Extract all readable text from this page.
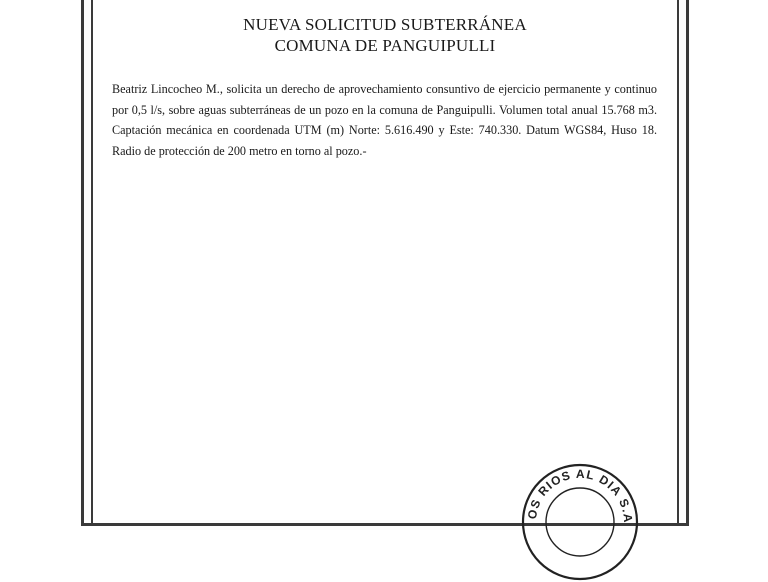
NUEVA SOLICITUD SUBTERRÁNEA
COMUNA DE PANGUIPULLI
Beatriz Lincocheo M., solicita un derecho de aprovechamiento consuntivo de ejercicio permanente y continuo por 0,5 l/s, sobre aguas subterráneas de un pozo en la comuna de Panguipulli. Volumen total anual 15.768 m3. Captación mecánica en coordenada UTM (m) Norte: 5.616.490 y Este: 740.330. Datum WGS84, Huso 18. Radio de protección de 200 metro en torno al pozo.-
LOS RIOS AL DIA S.A.
